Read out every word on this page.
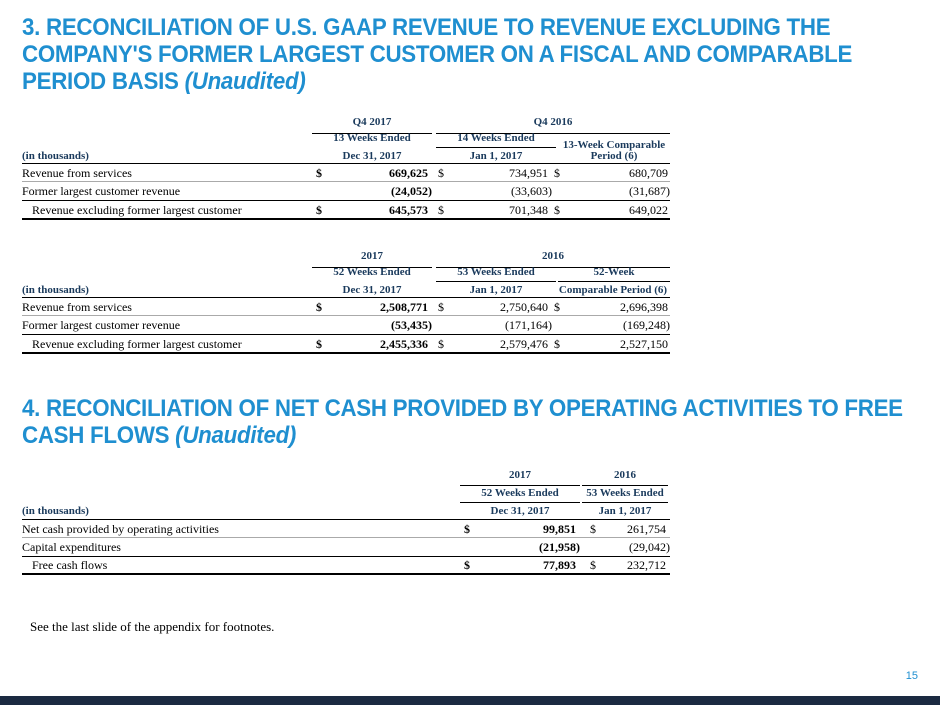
3. RECONCILIATION OF U.S. GAAP REVENUE TO REVENUE EXCLUDING THE
COMPANY'S FORMER LARGEST CUSTOMER ON A FISCAL AND COMPARABLE
PERIOD BASIS (Unaudited)
Q4 2017	Q4 2016
13 Weeks Ended	14 Weeks Ended
13-Week Comparable
Period (6)
(in thousands)	Dec 31, 2017	Jan 1, 2017
Revenue from services	$	669,625 $	734,951 $	680,709
Former largest customer revenue	(24,052)	(33,603)	(31,687)
Revenue excluding former largest customer	$	645,573 $	701,348 $	649,022
2017	2016
52 Weeks Ended	53 Weeks Ended	52-Week
(in thousands)	Dec 31, 2017	Jan 1, 2017	Comparable Period (6)
Revenue from services	$	2,508,771 $	2,750,640 $	2,696,398
Former largest customer revenue	(53,435)	(171,164)	(169,248)
Revenue excluding former largest customer	$	2,455,336 $	2,579,476 $	2,527,150
4. RECONCILIATION OF NET CASH PROVIDED BY OPERATING ACTIVITIES TO FREE
CASH FLOWS (Unaudited)
2017	2016
52 Weeks Ended	53 Weeks Ended
(in thousands)	Dec 31, 2017	Jan 1, 2017
Net cash provided by operating activities	$	99,851 $	261,754
Capital expenditures	(21,958)	(29,042)
Free cash flows	$	77,893 $	232,712
See the last slide of the appendix for footnotes.
15
